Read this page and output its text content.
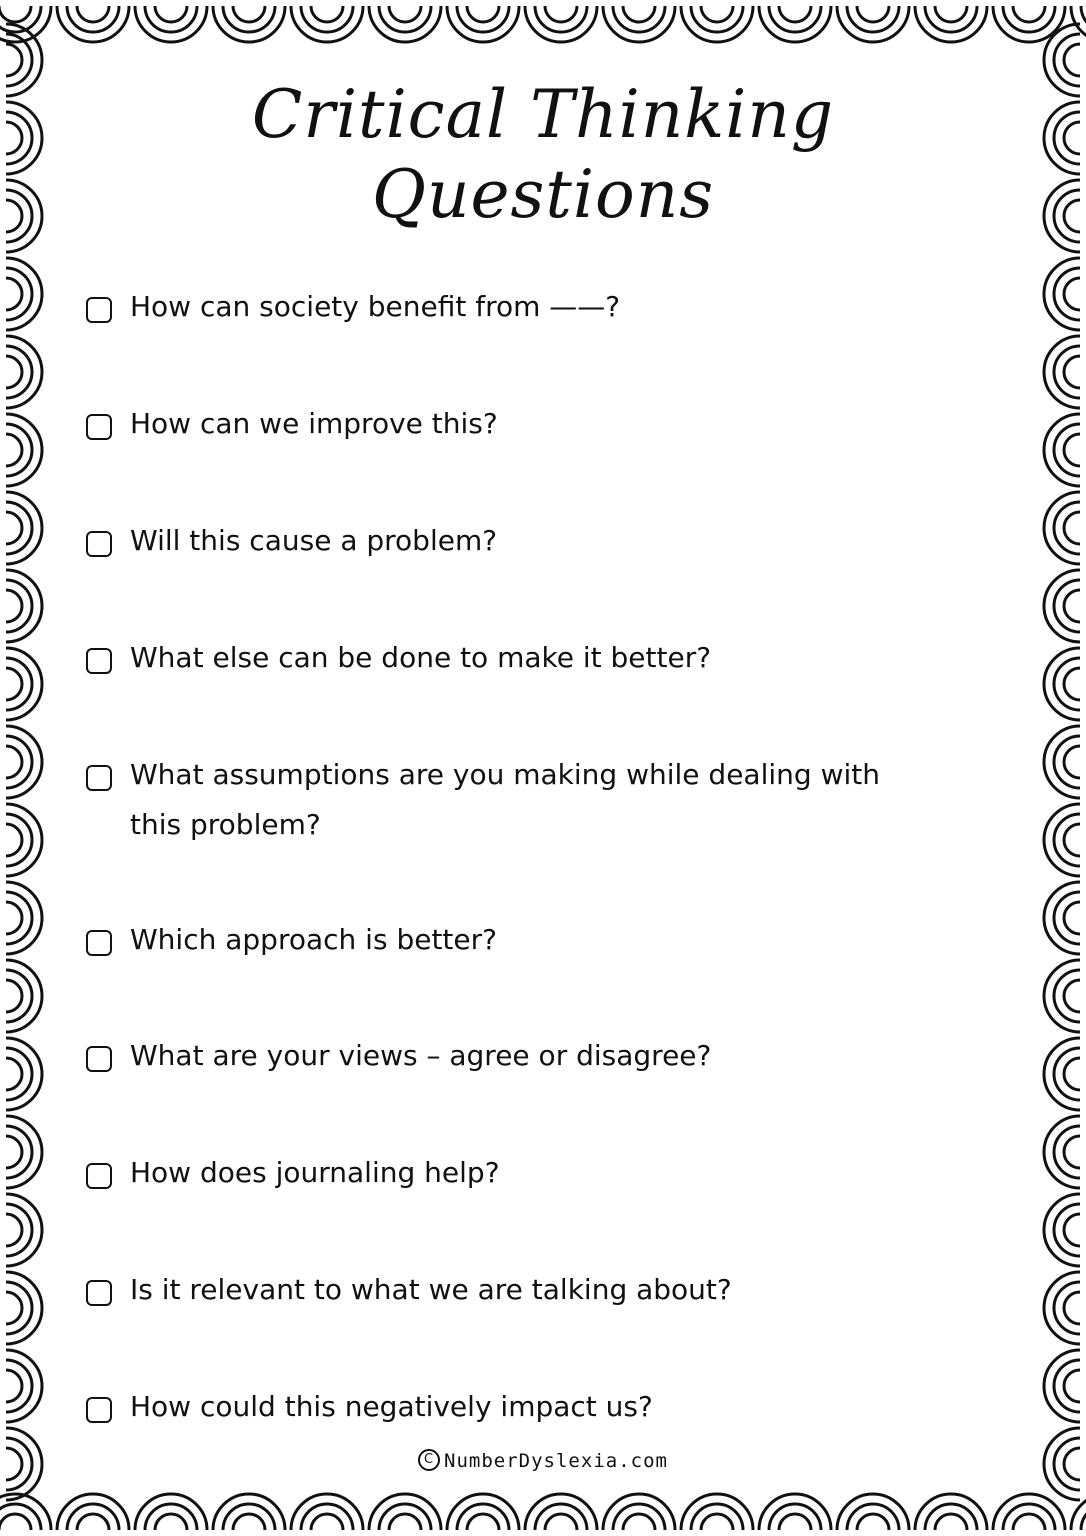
Critical Thinking
Questions
How can society benefit from ——?
How can we improve this?
Will this cause a problem?
What else can be done to make it better?
What assumptions are you making while dealing with this problem?
Which approach is better?
What are your views – agree or disagree?
How does journaling help?
Is it relevant to what we are talking about?
How could this negatively impact us?
C NumberDyslexia.com
